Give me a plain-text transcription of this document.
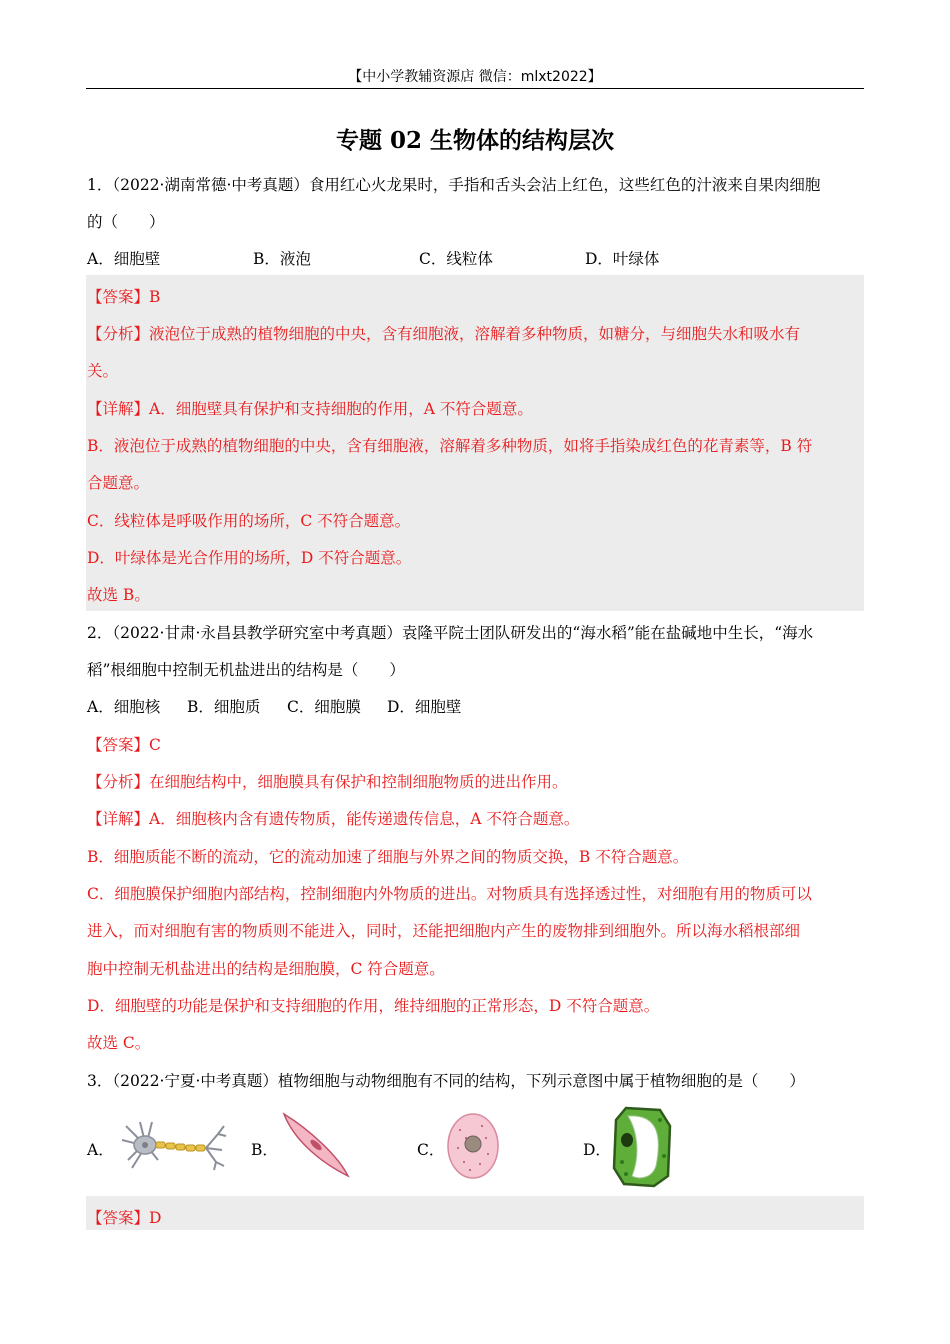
【中小学教辅资源店 微信：mlxt2022】
专题 02 生物体的结构层次
1．（2022·湖南常德·中考真题）食用红心火龙果时，手指和舌头会沾上红色，这些红色的汁液来自果肉细胞
的（　　）
A．细胞壁	B．液泡	C．线粒体	D．叶绿体
【答案】B
【分析】液泡位于成熟的植物细胞的中央，含有细胞液，溶解着多种物质，如糖分，与细胞失水和吸水有
关。
【详解】A．细胞壁具有保护和支持细胞的作用，A 不符合题意。
B．液泡位于成熟的植物细胞的中央，含有细胞液，溶解着多种物质，如将手指染成红色的花青素等，B 符
合题意。
C．线粒体是呼吸作用的场所，C 不符合题意。
D．叶绿体是光合作用的场所，D 不符合题意。
故选 B。
2．（2022·甘肃·永昌县教学研究室中考真题）袁隆平院士团队研发出的“海水稻”能在盐碱地中生长，“海水
稻”根细胞中控制无机盐进出的结构是（　　）
A．细胞核 B．细胞质 C．细胞膜 D．细胞壁
【答案】C
【分析】在细胞结构中，细胞膜具有保护和控制细胞物质的进出作用。
【详解】A．细胞核内含有遗传物质，能传递遗传信息，A 不符合题意。
B．细胞质能不断的流动，它的流动加速了细胞与外界之间的物质交换，B 不符合题意。
C．细胞膜保护细胞内部结构，控制细胞内外物质的进出。对物质具有选择透过性，对细胞有用的物质可以
进入，而对细胞有害的物质则不能进入，同时，还能把细胞内产生的废物排到细胞外。所以海水稻根部细
胞中控制无机盐进出的结构是细胞膜，C 符合题意。
D．细胞壁的功能是保护和支持细胞的作用，维持细胞的正常形态，D 不符合题意。
故选 C。
3．（2022·宁夏·中考真题）植物细胞与动物细胞有不同的结构，下列示意图中属于植物细胞的是（　　）
A．	B．	C．	D．
【答案】D
